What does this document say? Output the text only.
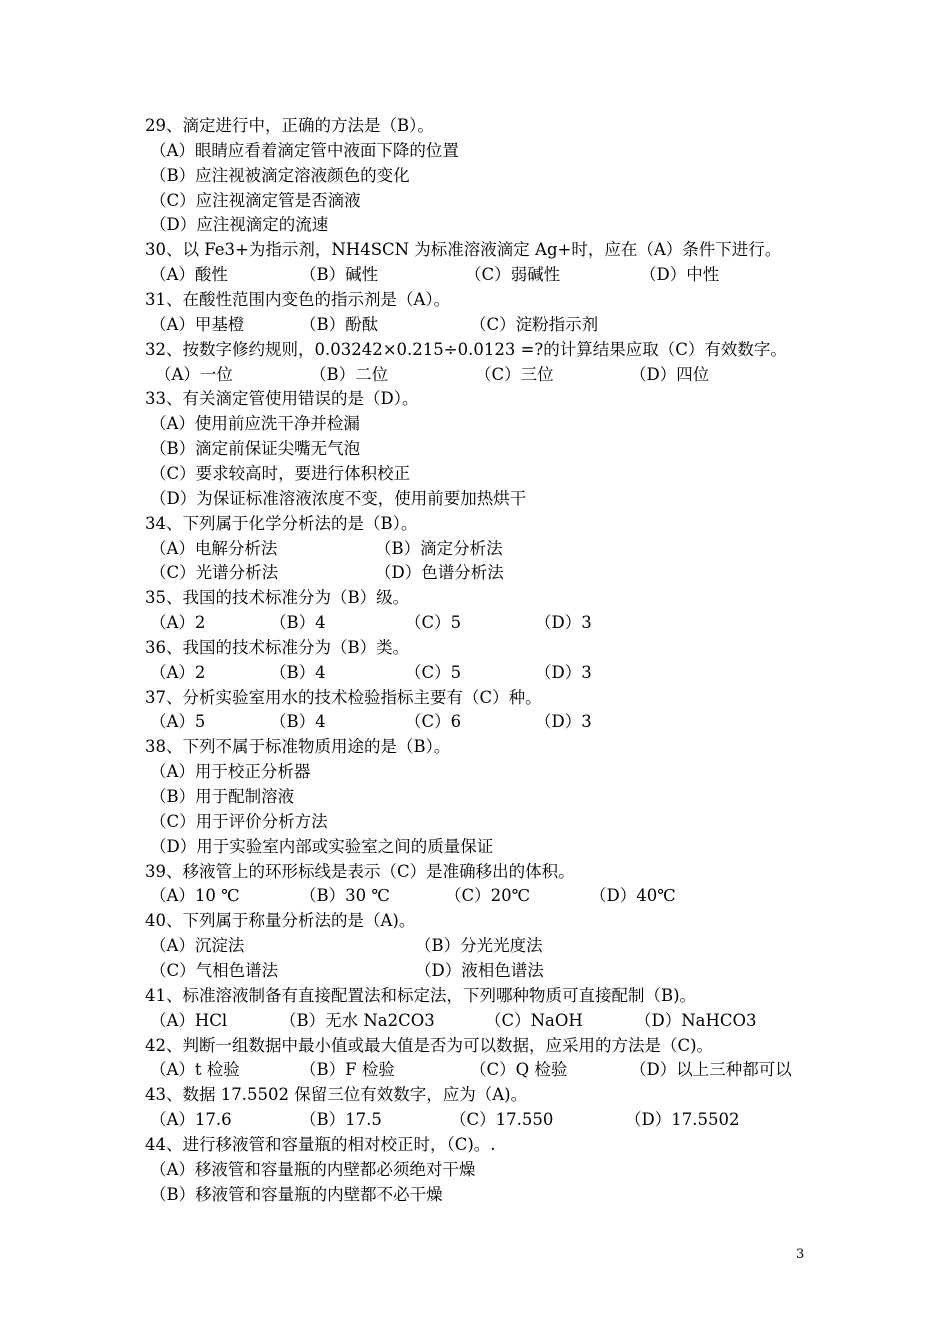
29、滴定进行中，正确的方法是（B）。
（A）眼睛应看着滴定管中液面下降的位置
（B）应注视被滴定溶液颜色的变化
（C）应注视滴定管是否滴液
（D）应注视滴定的流速
30、以 Fe3+为指示剂，NH4SCN 为标准溶液滴定 Ag+时，应在（A）条件下进行。
（A）酸性	（B）碱性	（C）弱碱性	（D）中性
31、在酸性范围内变色的指示剂是（A）。
（A）甲基橙	（B）酚酞	（C）淀粉指示剂
32、按数字修约规则，0.03242×0.215÷0.0123 =?的计算结果应取（C）有效数字。
（A）一位	（B）二位	（C）三位	（D）四位
33、有关滴定管使用错误的是（D）。
（A）使用前应洗干净并检漏
（B）滴定前保证尖嘴无气泡
（C）要求较高时，要进行体积校正
（D）为保证标准溶液浓度不变，使用前要加热烘干
34、下列属于化学分析法的是（B）。
（A）电解分析法	（B）滴定分析法
（C）光谱分析法	（D）色谱分析法
35、我国的技术标准分为（B）级。
（A）2	（B）4	（C）5	（D）3
36、我国的技术标准分为（B）类。
（A）2	（B）4	（C）5	（D）3
37、分析实验室用水的技术检验指标主要有（C）种。
（A）5	（B）4	（C）6	（D）3
38、下列不属于标准物质用途的是（B）。
（A）用于校正分析器
（B）用于配制溶液
（C）用于评价分析方法
（D）用于实验室内部或实验室之间的质量保证
39、移液管上的环形标线是表示（C）是准确移出的体积。
（A）10 ℃	（B）30 ℃	（C）20℃	（D）40℃
40、下列属于称量分析法的是（A)。
（A）沉淀法	（B）分光光度法
（C）气相色谱法	（D）液相色谱法
41、标准溶液制备有直接配置法和标定法，下列哪种物质可直接配制（B)。
（A）HCl	（B）无水 Na2CO3	（C）NaOH	（D）NaHCO3
42、判断一组数据中最小值或最大值是否为可以数据，应采用的方法是（C)。
（A）t 检验	（B）F 检验	（C）Q 检验	（D）以上三种都可以
43、数据 17.5502 保留三位有效数字，应为（A)。
（A）17.6	（B）17.5	（C）17.550	（D）17.5502
44、进行移液管和容量瓶的相对校正时，（C)。.
（A）移液管和容量瓶的内壁都必须绝对干燥
（B）移液管和容量瓶的内壁都不必干燥
3
